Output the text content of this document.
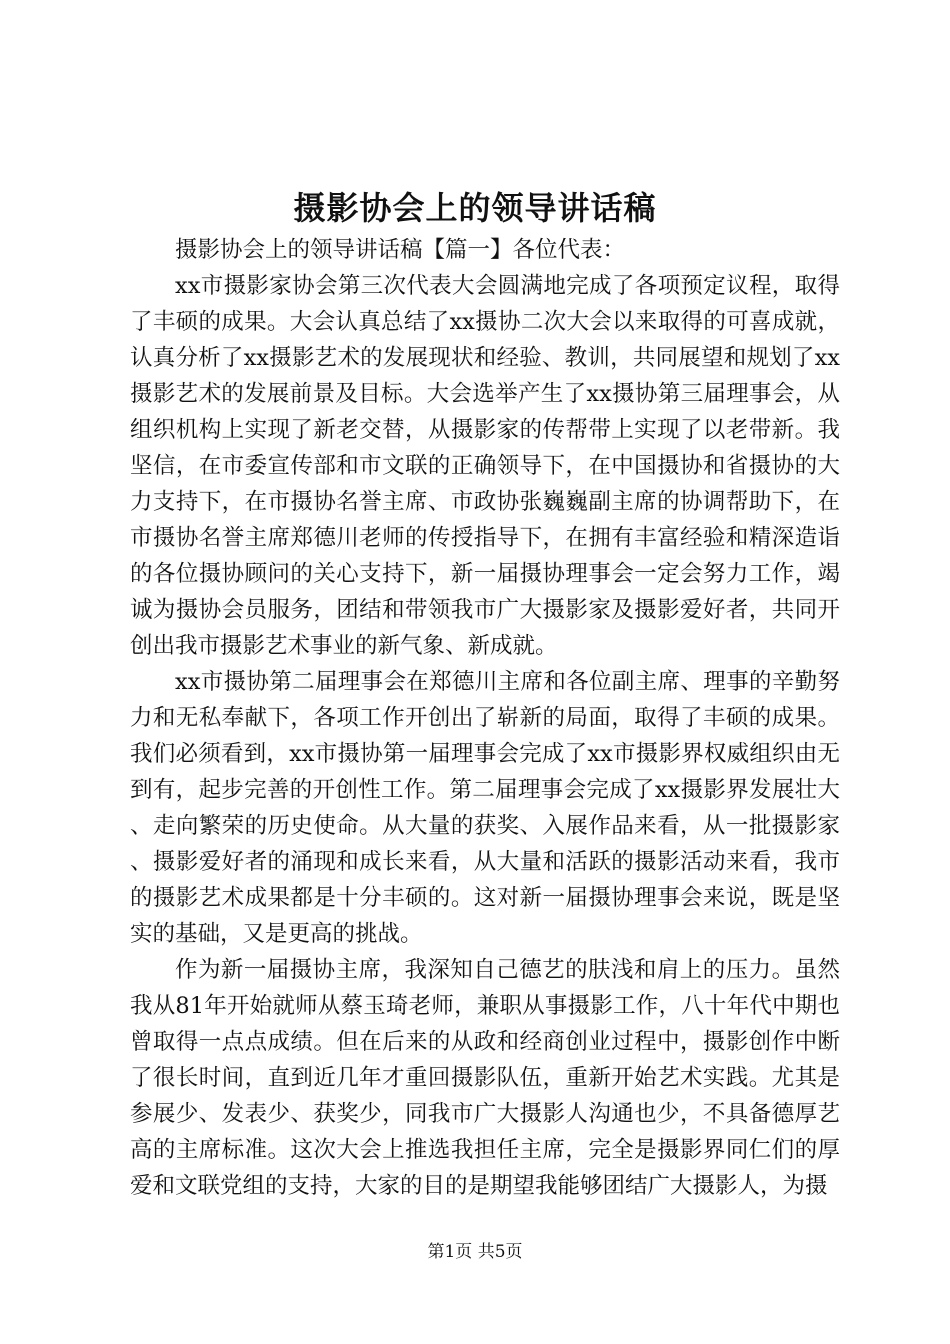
摄影协会上的领导讲话稿

摄影协会上的领导讲话稿【篇一】各位代表：

xx市摄影家协会第三次代表大会圆满地完成了各项预定议程，取得了丰硕的成果。大会认真总结了xx摄协二次大会以来取得的可喜成就，认真分析了xx摄影艺术的发展现状和经验、教训，共同展望和规划了xx摄影艺术的发展前景及目标。大会选举产生了xx摄协第三届理事会，从组织机构上实现了新老交替，从摄影家的传帮带上实现了以老带新。我坚信，在市委宣传部和市文联的正确领导下，在中国摄协和省摄协的大力支持下，在市摄协名誉主席、市政协张巍巍副主席的协调帮助下，在市摄协名誉主席郑德川老师的传授指导下，在拥有丰富经验和精深造诣的各位摄协顾问的关心支持下，新一届摄协理事会一定会努力工作，竭诚为摄协会员服务，团结和带领我市广大摄影家及摄影爱好者，共同开创出我市摄影艺术事业的新气象、新成就。

xx市摄协第二届理事会在郑德川主席和各位副主席、理事的辛勤努力和无私奉献下，各项工作开创出了崭新的局面，取得了丰硕的成果。我们必须看到，xx市摄协第一届理事会完成了xx市摄影界权威组织由无到有，起步完善的开创性工作。第二届理事会完成了xx摄影界发展壮大、走向繁荣的历史使命。从大量的获奖、入展作品来看，从一批摄影家、摄影爱好者的涌现和成长来看，从大量和活跃的摄影活动来看，我市的摄影艺术成果都是十分丰硕的。这对新一届摄协理事会来说，既是坚实的基础，又是更高的挑战。

作为新一届摄协主席，我深知自己德艺的肤浅和肩上的压力。虽然我从81年开始就师从蔡玉琦老师，兼职从事摄影工作，八十年代中期也曾取得一点点成绩。但在后来的从政和经商创业过程中，摄影创作中断了很长时间，直到近几年才重回摄影队伍，重新开始艺术实践。尤其是参展少、发表少、获奖少，同我市广大摄影人沟通也少，不具备德厚艺高的主席标准。这次大会上推选我担任主席，完全是摄影界同仁们的厚爱和文联党组的支持，大家的目的是期望我能够团结广大摄影人，为摄

第1页 共5页
